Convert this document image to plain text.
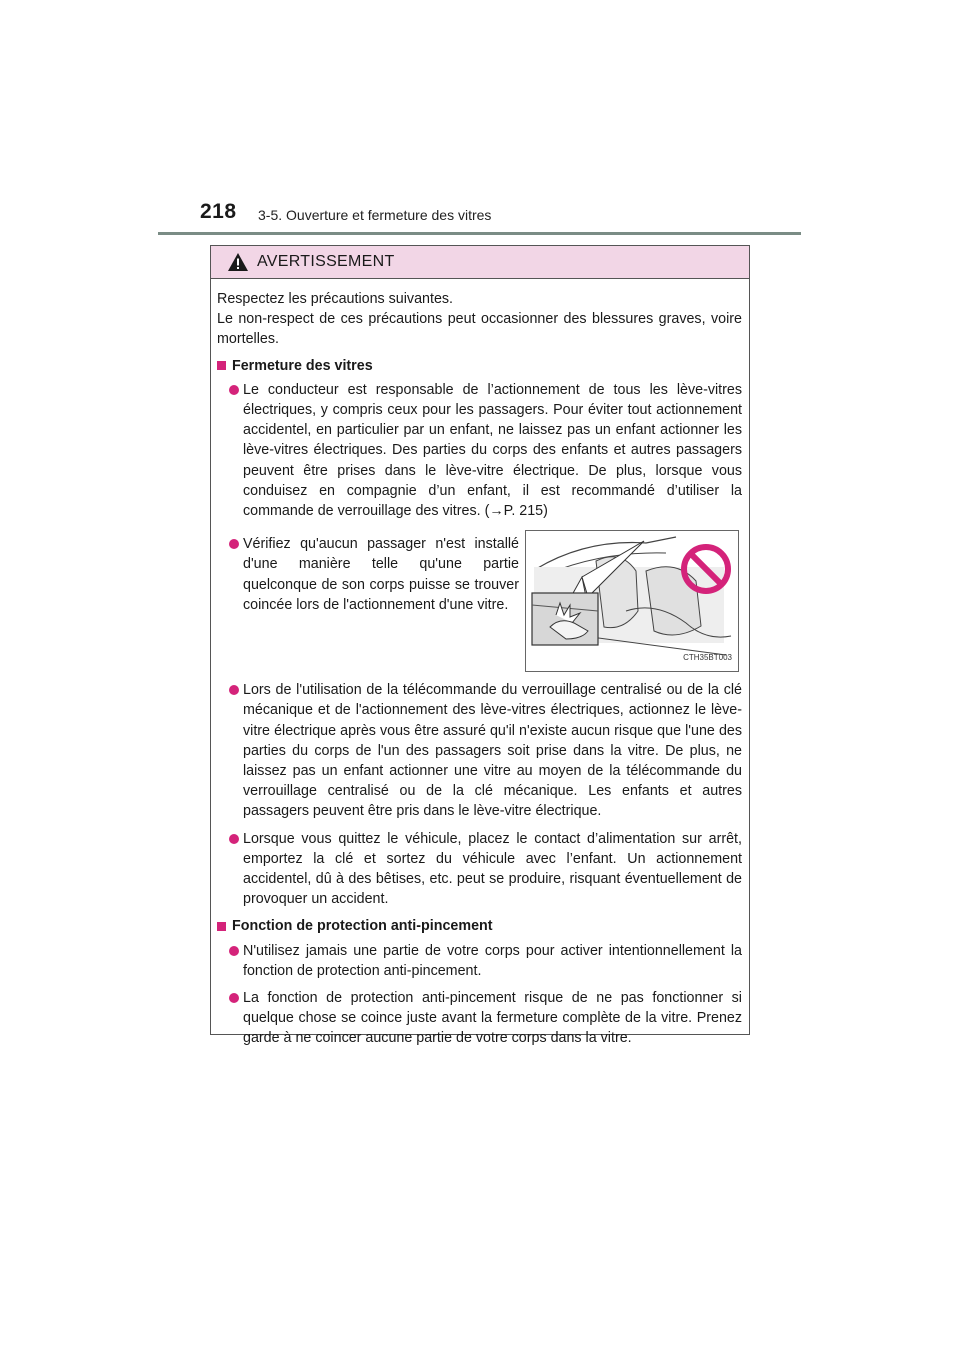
218 3-5. Ouverture et fermeture des vitres
AVERTISSEMENT

Respectez les précautions suivantes.

Le non-respect de ces précautions peut occasionner des blessures graves, voire mortelles.

Fermeture des vitres
Le conducteur est responsable de l’actionnement de tous les lève-vitres électriques, y compris ceux pour les passagers. Pour éviter tout actionnement accidentel, en particulier par un enfant, ne laissez pas un enfant actionner les lève-vitres électriques. Des parties du corps des enfants et autres passagers peuvent être prises dans le lève-vitre électrique. De plus, lorsque vous conduisez en compagnie d’un enfant, il est recommandé d’utiliser la commande de verrouillage des vitres. (→P. 215)
Vérifiez qu'aucun passager n'est installé d'une manière telle qu'une partie quelconque de son corps puisse se trouver coincée lors de l'actionnement d'une vitre.
CTH35BT003
Lors de l'utilisation de la télécommande du verrouillage centralisé ou de la clé mécanique et de l'actionnement des lève-vitres électriques, actionnez le lève-vitre électrique après vous être assuré qu'il n'existe aucun risque que l'une des parties du corps de l'un des passagers soit prise dans la vitre. De plus, ne laissez pas un enfant actionner une vitre au moyen de la télécommande du verrouillage centralisé ou de la clé mécanique. Les enfants et autres passagers peuvent être pris dans le lève-vitre électrique.
Lorsque vous quittez le véhicule, placez le contact d’alimentation sur arrêt, emportez la clé et sortez du véhicule avec l’enfant. Un actionnement accidentel, dû à des bêtises, etc. peut se produire, risquant éventuellement de provoquer un accident.
Fonction de protection anti-pincement
N'utilisez jamais une partie de votre corps pour activer intentionnellement la fonction de protection anti-pincement.
La fonction de protection anti-pincement risque de ne pas fonctionner si quelque chose se coince juste avant la fermeture complète de la vitre. Prenez garde à ne coincer aucune partie de votre corps dans la vitre.
